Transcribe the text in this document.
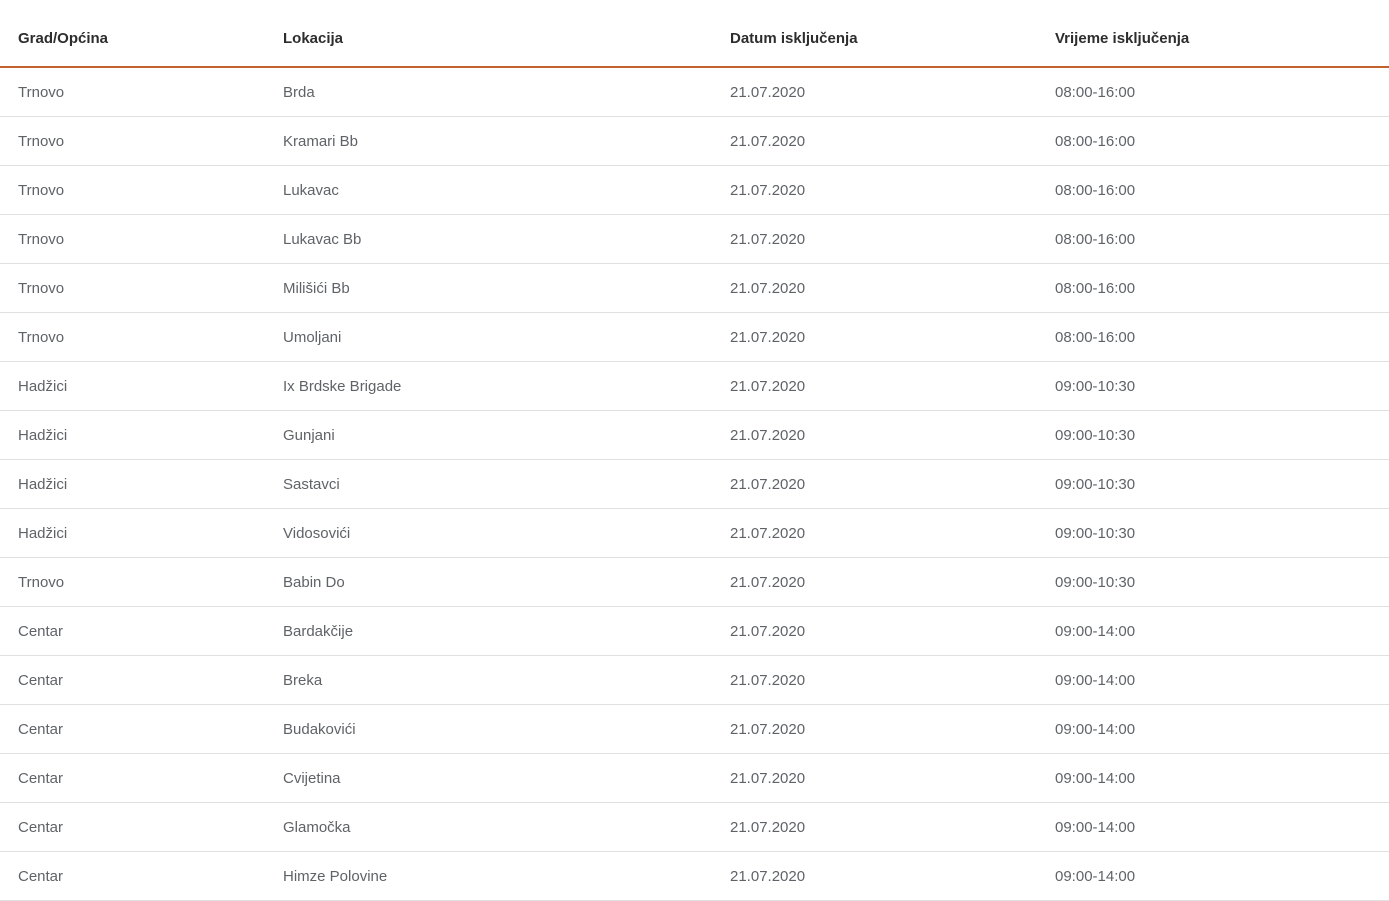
Grad/Općina	Lokacija	Datum isključenja	Vrijeme isključenja
Trnovo	Brda	21.07.2020	08:00-16:00
Trnovo	Kramari Bb	21.07.2020	08:00-16:00
Trnovo	Lukavac	21.07.2020	08:00-16:00
Trnovo	Lukavac Bb	21.07.2020	08:00-16:00
Trnovo	Milišići Bb	21.07.2020	08:00-16:00
Trnovo	Umoljani	21.07.2020	08:00-16:00
Hadžici	Ix Brdske Brigade	21.07.2020	09:00-10:30
Hadžici	Gunjani	21.07.2020	09:00-10:30
Hadžici	Sastavci	21.07.2020	09:00-10:30
Hadžici	Vidosovići	21.07.2020	09:00-10:30
Trnovo	Babin Do	21.07.2020	09:00-10:30
Centar	Bardakčije	21.07.2020	09:00-14:00
Centar	Breka	21.07.2020	09:00-14:00
Centar	Budakovići	21.07.2020	09:00-14:00
Centar	Cvijetina	21.07.2020	09:00-14:00
Centar	Glamočka	21.07.2020	09:00-14:00
Centar	Himze Polovine	21.07.2020	09:00-14:00
